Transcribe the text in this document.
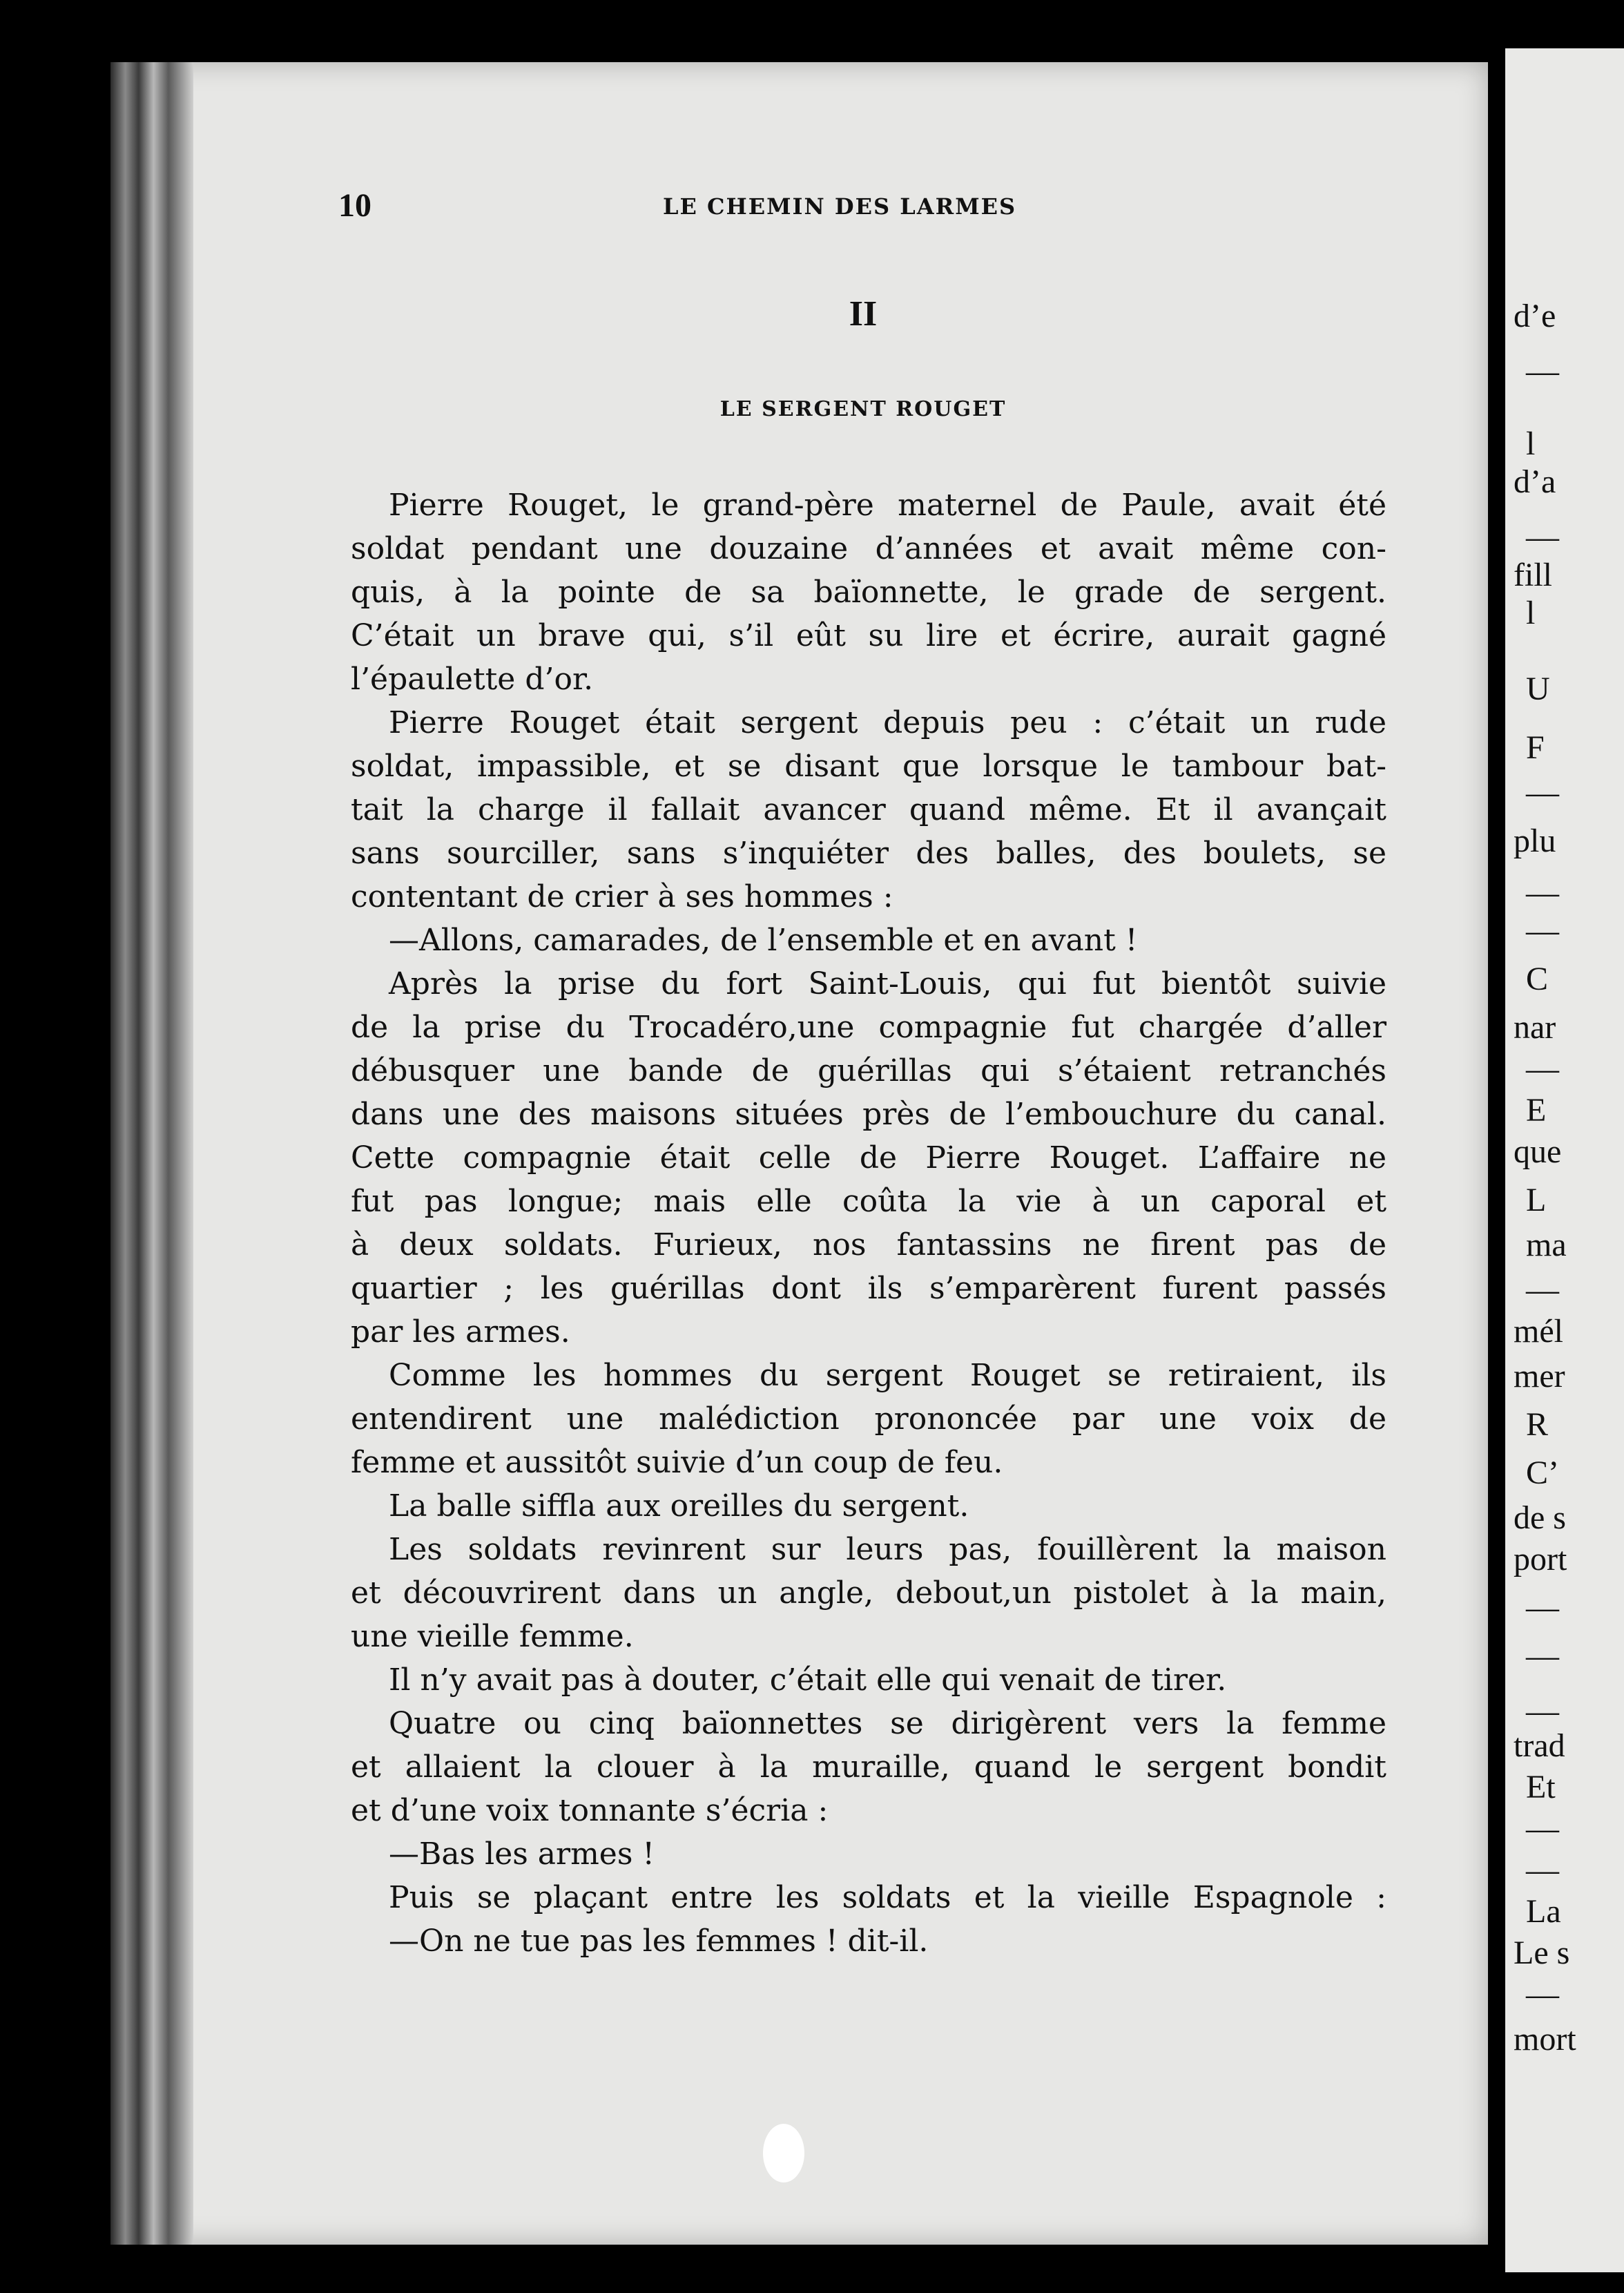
d’e
—
l
d’a
—
fill
l
U
F
—
plu
—
—
C
nar
—
E
que
L
ma
—
mél
mer
R
C’
de s
port
—
—
—
trad
Et
—
—
La
Le s
—
mort
10	LE CHEMIN DES LARMES
II
LE SERGENT ROUGET
Pierre Rouget, le grand-père maternel de Paule, avait été
soldat pendant une douzaine d’années et avait même con-
quis, à la pointe de sa baïonnette, le grade de sergent.
C’était un brave qui, s’il eût su lire et écrire, aurait gagné
l’épaulette d’or.
Pierre Rouget était sergent depuis peu : c’était un rude
soldat, impassible, et se disant que lorsque le tambour bat-
tait la charge il fallait avancer quand même. Et il avançait
sans sourciller, sans s’inquiéter des balles, des boulets, se
contentant de crier à ses hommes :
—Allons, camarades, de l’ensemble et en avant !
Après la prise du fort Saint-Louis, qui fut bientôt suivie
de la prise du Trocadéro,une compagnie fut chargée d’aller
débusquer une bande de guérillas qui s’étaient retranchés
dans une des maisons situées près de l’embouchure du canal.
Cette compagnie était celle de Pierre Rouget. L’affaire ne
fut pas longue; mais elle coûta la vie à un caporal et
à deux soldats. Furieux, nos fantassins ne firent pas de
quartier ; les guérillas dont ils s’emparèrent furent passés
par les armes.
Comme les hommes du sergent Rouget se retiraient, ils
entendirent une malédiction prononcée par une voix de
femme et aussitôt suivie d’un coup de feu.
La balle siffla aux oreilles du sergent.
Les soldats revinrent sur leurs pas, fouillèrent la maison
et découvrirent dans un angle, debout,un pistolet à la main,
une vieille femme.
Il n’y avait pas à douter, c’était elle qui venait de tirer.
Quatre ou cinq baïonnettes se dirigèrent vers la femme
et allaient la clouer à la muraille, quand le sergent bondit
et d’une voix tonnante s’écria :
—Bas les armes !
Puis se plaçant entre les soldats et la vieille Espagnole :
—On ne tue pas les femmes ! dit-il.
